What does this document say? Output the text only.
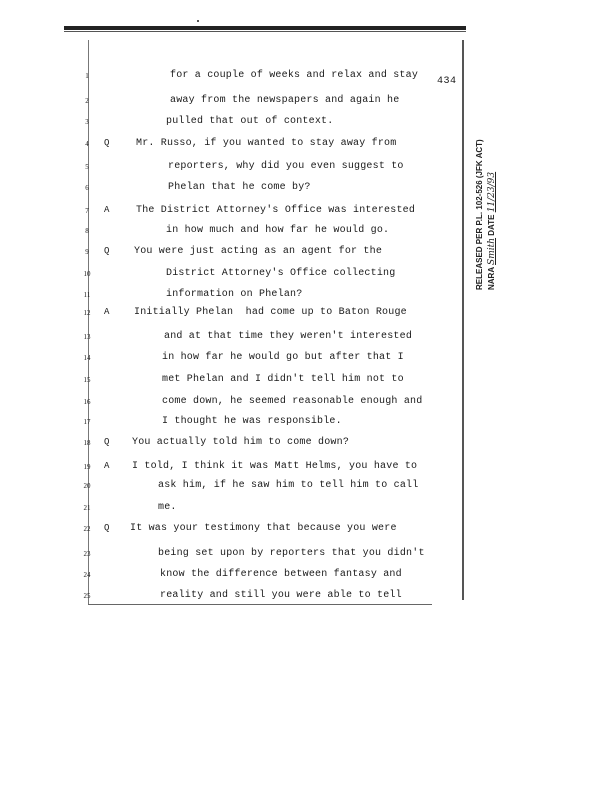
434
1	for a couple of weeks and relax and stay
2	away from the newspapers and again he
3	pulled that out of context.
4	Q	Mr. Russo, if you wanted to stay away from
5	reporters, why did you even suggest to
6	Phelan that he come by?
7	A	The District Attorney's Office was interested
8	in how much and how far he would go.
9	Q	You were just acting as an agent for the
10	District Attorney's Office collecting
11	information on Phelan?
12	A	Initially Phelan  had come up to Baton Rouge
13	and at that time they weren't interested
14	in how far he would go but after that I
15	met Phelan and I didn't tell him not to
16	come down, he seemed reasonable enough and
17	I thought he was responsible.
18	Q	You actually told him to come down?
19	A	I told, I think it was Matt Helms, you have to
20	ask him, if he saw him to tell him to call
21	me.
22	Q	It was your testimony that because you were
23	being set upon by reporters that you didn't
24	know the difference between fantasy and
25	reality and still you were able to tell
RELEASED PER P.L. 102-526 (JFK ACT) NARA Smith DATE 11/23/93
